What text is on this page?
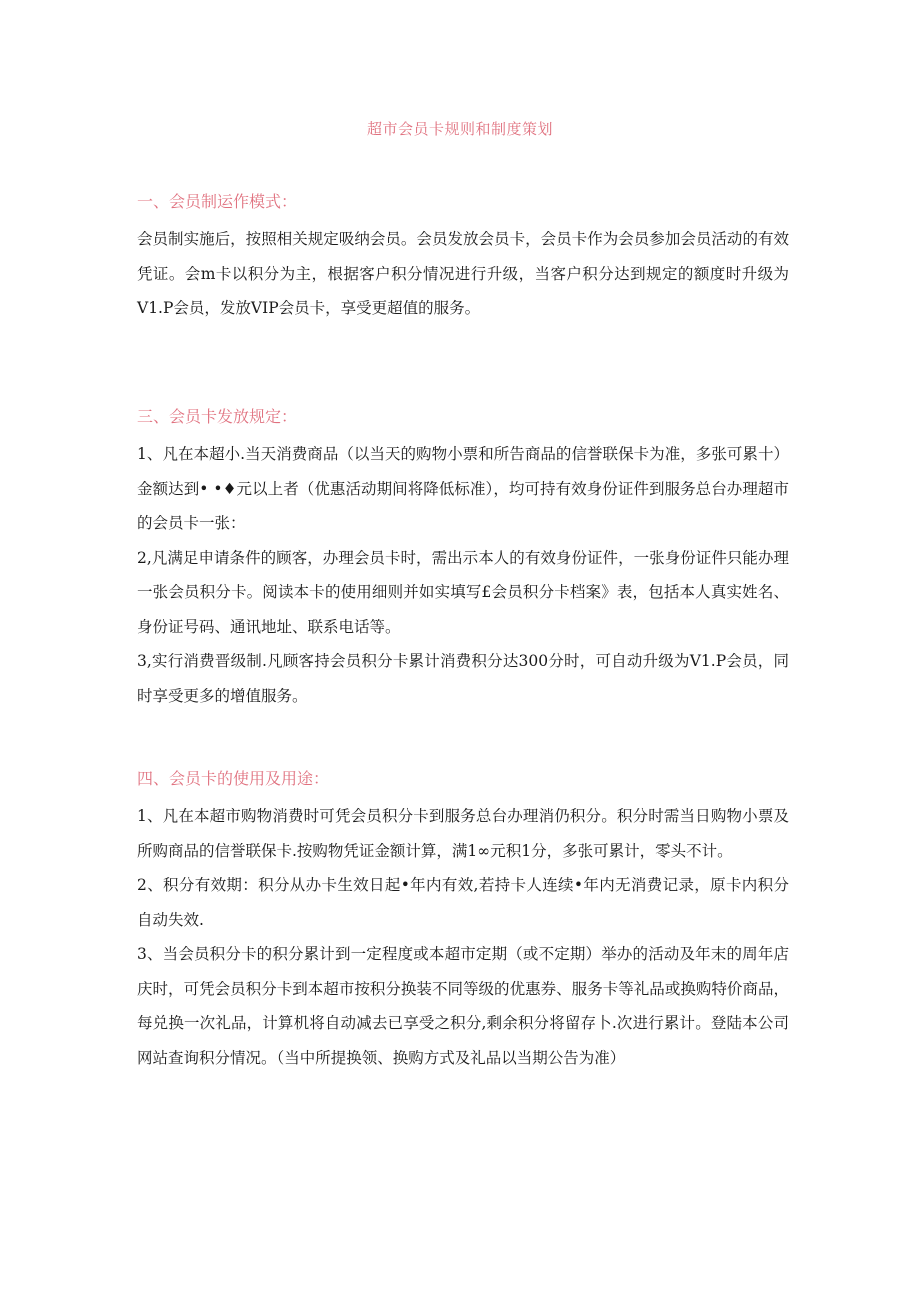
超市会员卡规则和制度策划
一、会员制运作模式：

会员制实施后，按照相关规定吸纳会员。会员发放会员卡，会员卡作为会员参加会员活动的有效凭证。会m卡以积分为主，根据客户积分情况进行升级，当客户积分达到规定的额度时升级为V1.P会员，发放VIP会员卡，享受更超值的服务。

三、会员卡发放规定：

1、凡在本超小.当天消费商品（以当天的购物小票和所告商品的信誉联保卡为准，多张可累十）金额达到• •♦元以上者（优惠活动期间将降低标准），均可持有效身份证件到服务总台办理超市的会员卡一张：

2,凡满足申请条件的顾客，办理会员卡时，需出示本人的有效身份证件，一张身份证件只能办理一张会员积分卡。阅读本卡的使用细则并如实填写£会员积分卡档案》表，包括本人真实姓名、身份证号码、通讯地址、联系电话等。

3,实行消费晋级制.凡顾客持会员积分卡累计消费积分达300分时，可自动升级为V1.P会员，同时享受更多的增值服务。

四、会员卡的使用及用途：

1、凡在本超市购物消费时可凭会员积分卡到服务总台办理消仍积分。积分时需当日购物小票及所购商品的信誉联保卡.按购物凭证金额计算，满1∞元积1分，多张可累计，零头不计。

2、积分有效期：积分从办卡生效日起•年内有效,若持卡人连续•年内无消费记录，原卡内积分自动失效.

3、当会员积分卡的积分累计到一定程度或本超市定期（或不定期）举办的活动及年末的周年店庆时，可凭会员积分卡到本超市按积分换装不同等级的优惠券、服务卡等礼品或换购特价商品，每兑换一次礼品，计算机将自动减去已享受之积分,剩余积分将留存卜.次进行累计。登陆本公司网站查询积分情况。（当中所提换领、换购方式及礼品以当期公告为准）
